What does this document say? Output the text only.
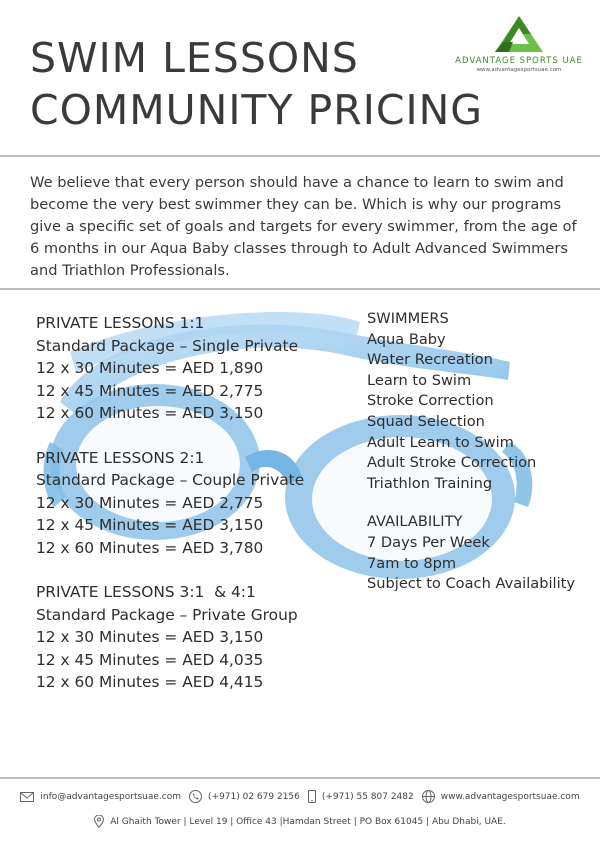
SWIM LESSONS
COMMUNITY PRICING
ADVANTAGE SPORTS UAE
www.advantagesportsuae.com
We believe that every person should have a chance to learn to swim and become the very best swimmer they can be. Which is why our programs give a specific set of goals and targets for every swimmer, from the age of 6 months in our Aqua Baby classes through to Adult Advanced Swimmers and Triathlon Professionals.
PRIVATE LESSONS 1:1
Standard Package – Single Private
12 x 30 Minutes = AED 1,890
12 x 45 Minutes = AED 2,775
12 x 60 Minutes = AED 3,150
PRIVATE LESSONS 2:1
Standard Package – Couple Private
12 x 30 Minutes = AED 2,775
12 x 45 Minutes = AED 3,150
12 x 60 Minutes = AED 3,780
PRIVATE LESSONS 3:1  & 4:1
Standard Package – Private Group
12 x 30 Minutes = AED 3,150
12 x 45 Minutes = AED 4,035
12 x 60 Minutes = AED 4,415
SWIMMERS
Aqua Baby
Water Recreation
Learn to Swim
Stroke Correction
Squad Selection
Adult Learn to Swim
Adult Stroke Correction
Triathlon Training
AVAILABILITY
7 Days Per Week
7am to 8pm
Subject to Coach Availability
info@advantagesportsuae.com	(+971) 02 679 2156 (+971) 55 807 2482	www.advantagesportsuae.com
Al Ghaith Tower | Level 19 | Office 43 |Hamdan Street | PO Box 61045 | Abu Dhabi, UAE.
